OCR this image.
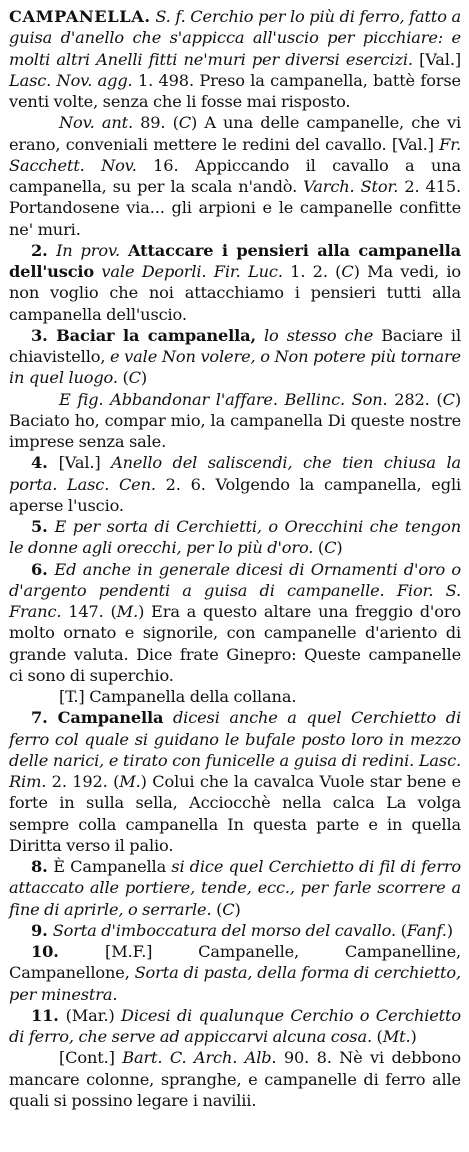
CAMPANELLA. S. f. Cerchio per lo più di ferro, fatto a guisa d'anello che s'appicca all'uscio per picchiare: e molti altri Anelli fitti ne'muri per diversi esercizi. [Val.] Lasc. Nov. agg. 1. 498. Preso la campanella, battè forse venti volte, senza che li fosse mai risposto.

Nov. ant. 89. (C) A una delle campanelle, che vi erano, conveniali mettere le redini del cavallo. [Val.] Fr. Sacchett. Nov. 16. Appiccando il cavallo a una campanella, su per la scala n'andò. Varch. Stor. 2. 415. Portandosene via... gli arpioni e le campanelle confitte ne' muri.

2. In prov. Attaccare i pensieri alla campanella dell'uscio vale Deporli. Fir. Luc. 1. 2. (C) Ma vedi, io non voglio che noi attacchiamo i pensieri tutti alla campanella dell'uscio.

3. Baciar la campanella, lo stesso che Baciare il chiavistello, e vale Non volere, o Non potere più tornare in quel luogo. (C)

E fig. Abbandonar l'affare. Bellinc. Son. 282. (C) Baciato ho, compar mio, la campanella Di queste nostre imprese senza sale.

4. [Val.] Anello del saliscendi, che tien chiusa la porta. Lasc. Cen. 2. 6. Volgendo la campanella, egli aperse l'uscio.

5. E per sorta di Cerchietti, o Orecchini che tengon le donne agli orecchi, per lo più d'oro. (C)

6. Ed anche in generale dicesi di Ornamenti d'oro o d'argento pendenti a guisa di campanelle. Fior. S. Franc. 147. (M.) Era a questo altare una freggio d'oro molto ornato e signorile, con campanelle d'ariento di grande valuta. Dice frate Ginepro: Queste campanelle ci sono di superchio.

[T.] Campanella della collana.

7. Campanella dicesi anche a quel Cerchietto di ferro col quale si guidano le bufale posto loro in mezzo delle narici, e tirato con funicelle a guisa di redini. Lasc. Rim. 2. 192. (M.) Colui che la cavalca Vuole star bene e forte in sulla sella, Acciocchè nella calca La volga sempre colla campanella In questa parte e in quella Diritta verso il palio.

8. È Campanella si dice quel Cerchietto di fil di ferro attaccato alle portiere, tende, ecc., per farle scorrere a fine di aprirle, o serrarle. (C)

9. Sorta d'imboccatura del morso del cavallo. (Fanf.)

10. [M.F.] Campanelle, Campanelline, Campanellone, Sorta di pasta, della forma di cerchietto, per minestra.

11. (Mar.) Dicesi di qualunque Cerchio o Cerchietto di ferro, che serve ad appiccarvi alcuna cosa. (Mt.)

[Cont.] Bart. C. Arch. Alb. 90. 8. Nè vi debbono mancare colonne, spranghe, e campanelle di ferro alle quali si possino legare i navilii.
